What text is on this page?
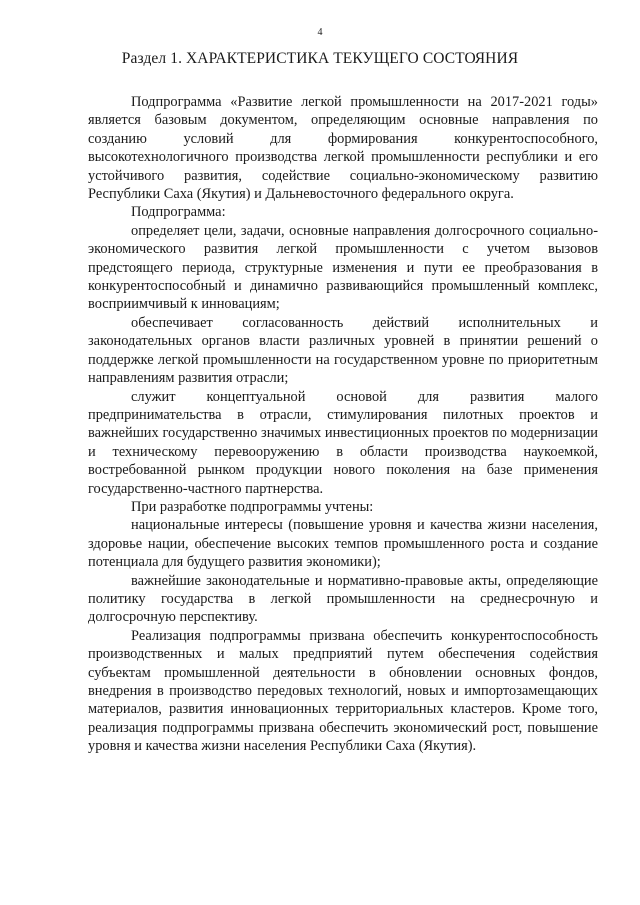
4
Раздел 1. ХАРАКТЕРИСТИКА ТЕКУЩЕГО СОСТОЯНИЯ

Подпрограмма «Развитие легкой промышленности на 2017-2021 годы» является базовым документом, определяющим основные направления по созданию условий для формирования конкурентоспособного, высокотехнологичного производства легкой промышленности республики и его устойчивого развития, содействие социально-экономическому развитию Республики Саха (Якутия) и Дальневосточного федерального округа.

Подпрограмма:

определяет цели, задачи, основные направления долгосрочного социально-экономического развития легкой промышленности с учетом вызовов предстоящего периода, структурные изменения и пути ее преобразования в конкурентоспособный и динамично развивающийся промышленный комплекс, восприимчивый к инновациям;

обеспечивает согласованность действий исполнительных и законодательных органов власти различных уровней в принятии решений о поддержке легкой промышленности на государственном уровне по приоритетным направлениям развития отрасли;

служит концептуальной основой для развития малого предпринимательства в отрасли, стимулирования пилотных проектов и важнейших государственно значимых инвестиционных проектов по модернизации и техническому перевооружению в области производства наукоемкой, востребованной рынком продукции нового поколения на базе применения государственно-частного партнерства.

При разработке подпрограммы учтены:

национальные интересы (повышение уровня и качества жизни населения, здоровье нации, обеспечение высоких темпов промышленного роста и создание потенциала для будущего развития экономики);

важнейшие законодательные и нормативно-правовые акты, определяющие политику государства в легкой промышленности на среднесрочную и долгосрочную перспективу.

Реализация подпрограммы призвана обеспечить конкурентоспособность производственных и малых предприятий путем обеспечения содействия субъектам промышленной деятельности в обновлении основных фондов, внедрения в производство передовых технологий, новых и импортозамещающих материалов, развития инновационных территориальных кластеров. Кроме того, реализация подпрограммы призвана обеспечить экономический рост, повышение уровня и качества жизни населения Республики Саха (Якутия).
